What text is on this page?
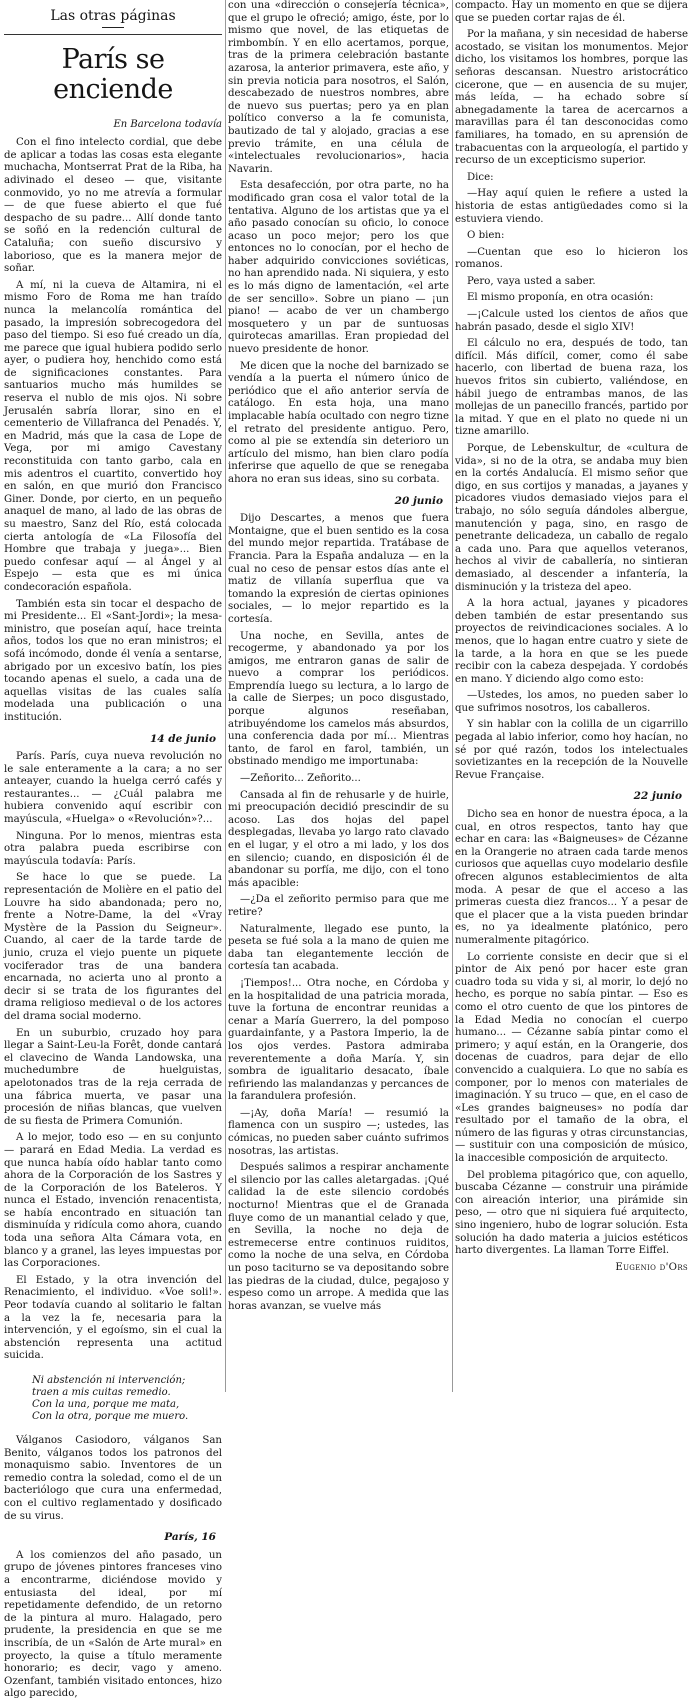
Las otras páginas
París se enciende
En Barcelona todavía

Con el fino intelecto cordial, que debe de aplicar a todas las cosas esta elegante muchacha, Montserrat Prat de la Riba, ha adivinado el deseo — que, visitante conmovido, yo no me atrevía a formular — de que fuese abierto el que fué despacho de su padre... Allí donde tanto se soñó en la redención cultural de Cataluña; con sueño discursivo y laborioso, que es la manera mejor de soñar.

A mí, ni la cueva de Altamira, ni el mismo Foro de Roma me han traído nunca la melancolía romántica del pasado, la impresión sobrecogedora del paso del tiempo. Si eso fué creado un día, me parece que igual hubiera podido serlo ayer, o pudiera hoy, henchido como está de significaciones constantes. Para santuarios mucho más humildes se reserva el nublo de mis ojos. Ni sobre Jerusalén sabría llorar, sino en el cementerio de Villafranca del Penadés. Y, en Madrid, más que la casa de Lope de Vega, por mi amigo Cavestany reconstituida con tanto garbo, cala en mis adentros el cuartito, convertido hoy en salón, en que murió don Francisco Giner. Donde, por cierto, en un pequeño anaquel de mano, al lado de las obras de su maestro, Sanz del Río, está colocada cierta antología de «La Filosofía del Hombre que trabaja y juega»... Bien puedo confesar aquí — al Ángel y al Espejo — esta que es mi única condecoración española.

También esta sin tocar el despacho de mi Presidente... El «Sant-Jordi»; la mesa-ministro, que poseían aquí, hace treinta años, todos los que no eran ministros; el sofá incómodo, donde él venía a sentarse, abrigado por un excesivo batín, los pies tocando apenas el suelo, a cada una de aquellas visitas de las cuales salía modelada una publicación o una institución.

14 de junio

París. París, cuya nueva revolución no le sale enteramente a la cara; a no ser anteayer, cuando la huelga cerró cafés y restaurantes... — ¿Cuál palabra me hubiera convenido aquí escribir con mayúscula, «Huelga» o «Revolución»?...

Ninguna. Por lo menos, mientras esta otra palabra pueda escribirse con mayúscula todavía: París.

Se hace lo que se puede. La representación de Molière en el patio del Louvre ha sido abandonada; pero no, frente a Notre-Dame, la del «Vray Mystère de la Passion du Seigneur». Cuando, al caer de la tarde tarde de junio, cruza el viejo puente un piquete vociferador tras de una bandera encarnada, no acierta uno al pronto a decir si se trata de los figurantes del drama religioso medieval o de los actores del drama social moderno.

En un suburbio, cruzado hoy para llegar a Saint-Leu-la Forêt, donde cantará el clavecino de Wanda Landowska, una muchedumbre de huelguistas, apelotonados tras de la reja cerrada de una fábrica muerta, ve pasar una procesión de niñas blancas, que vuelven de su fiesta de Primera Comunión.

A lo mejor, todo eso — en su conjunto — parará en Edad Media. La verdad es que nunca había oído hablar tanto como ahora de la Corporación de los Sastres y de la Corporación de los Bateleros. Y nunca el Estado, invención renacentista, se había encontrado en situación tan disminuída y ridícula como ahora, cuando toda una señora Alta Cámara vota, en blanco y a granel, las leyes impuestas por las Corporaciones.

El Estado, y la otra invención del Renacimiento, el individuo. «Voe soli!». Peor todavía cuando al solitario le faltan a la vez la fe, necesaria para la intervención, y el egoísmo, sin el cual la abstención representa una actitud suicida.

Ni abstención ni intervención;
traen a mis cuitas remedio.
Con la una, porque me mata,
Con la otra, porque me muero.

Válganos Casiodoro, válganos San Benito, válganos todos los patronos del monaquismo sabio. Inventores de un remedio contra la soledad, como el de un bacteriólogo que cura una enfermedad, con el cultivo reglamentado y dosificado de su virus.

París, 16

A los comienzos del año pasado, un grupo de jóvenes pintores franceses vino a encontrarme, diciéndose movido y entusiasta del ideal, por mí repetidamente defendido, de un retorno de la pintura al muro. Halagado, pero prudente, la presidencia en que se me inscribía, de un «Salón de Arte mural» en proyecto, la quise a título meramente honorario; es decir, vago y ameno. Ozenfant, también visitado entonces, hizo algo parecido,

con una «dirección o consejería técnica», que el grupo le ofreció; amigo, éste, por lo mismo que novel, de las etiquetas de rimbombín. Y en ello acertamos, porque, tras de la primera celebración bastante azarosa, la anterior primavera, este año, y sin previa noticia para nosotros, el Salón, descabezado de nuestros nombres, abre de nuevo sus puertas; pero ya en plan político converso a la fe comunista, bautizado de tal y alojado, gracias a ese previo trámite, en una célula de «intelectuales revolucionarios», hacia Navarin.

Esta desafección, por otra parte, no ha modificado gran cosa el valor total de la tentativa. Alguno de los artistas que ya el año pasado conocían su oficio, lo conoce acaso un poco mejor; pero los que entonces no lo conocían, por el hecho de haber adquirido convicciones soviéticas, no han aprendido nada. Ni siquiera, y esto es lo más digno de lamentación, «el arte de ser sencillo». Sobre un piano — ¡un piano! — acabo de ver un chambergo mosquetero y un par de suntuosas quirotecas amarillas. Eran propiedad del nuevo presidente de honor.

Me dicen que la noche del barnizado se vendía a la puerta el número único de periódico que el año anterior servía de catálogo. En esta hoja, una mano implacable había ocultado con negro tizne el retrato del presidente antiguo. Pero, como al pie se extendía sin deterioro un artículo del mismo, han bien claro podía inferirse que aquello de que se renegaba ahora no eran sus ideas, sino su corbata.

20 junio

Dijo Descartes, a menos que fuera Montaigne, que el buen sentido es la cosa del mundo mejor repartida. Tratábase de Francia. Para la España andaluza — en la cual no ceso de pensar estos días ante el matiz de villanía superflua que va tomando la expresión de ciertas opiniones sociales, — lo mejor repartido es la cortesía.

Una noche, en Sevilla, antes de recogerme, y abandonado ya por los amigos, me entraron ganas de salir de nuevo a comprar los periódicos. Emprendía luego su lectura, a lo largo de la calle de Sierpes; un poco disgustado, porque algunos reseñaban, atribuyéndome los camelos más absurdos, una conferencia dada por mí... Mientras tanto, de farol en farol, también, un obstinado mendigo me importunaba:

—Zeñorito... Zeñorito...

Cansada al fin de rehusarle y de huirle, mi preocupación decidió prescindir de su acoso. Las dos hojas del papel desplegadas, llevaba yo largo rato clavado en el lugar, y el otro a mi lado, y los dos en silencio; cuando, en disposición él de abandonar su porfía, me dijo, con el tono más apacible:

—¿Da el zeñorito permiso para que me retire?

Naturalmente, llegado ese punto, la peseta se fué sola a la mano de quien me daba tan elegantemente lección de cortesía tan acabada.

¡Tiempos!... Otra noche, en Córdoba y en la hospitalidad de una patricia morada, tuve la fortuna de encontrar reunidas a cenar a María Guerrero, la del pomposo guardainfante, y a Pastora Imperio, la de los ojos verdes. Pastora admiraba reverentemente a doña María. Y, sin sombra de igualitario desacato, íbale refiriendo las malandanzas y percances de la farandulera profesión.

—¡Ay, doña María! — resumió la flamenca con un suspiro —; ustedes, las cómicas, no pueden saber cuánto sufrimos nosotras, las artistas.

Después salimos a respirar anchamente el silencio por las calles aletargadas. ¡Qué calidad la de este silencio cordobés nocturno! Mientras que el de Granada fluye como de un manantial celado y que, en Sevilla, la noche no deja de estremecerse entre continuos ruiditos, como la noche de una selva, en Córdoba un poso taciturno se va depositando sobre las piedras de la ciudad, dulce, pegajoso y espeso como un arrope. A medida que las horas avanzan, se vuelve más

compacto. Hay un momento en que se dijera que se pueden cortar rajas de él.

Por la mañana, y sin necesidad de haberse acostado, se visitan los monumentos. Mejor dicho, los visitamos los hombres, porque las señoras descansan. Nuestro aristocrático cicerone, que — en ausencia de su mujer, más leída, — ha echado sobre sí abnegadamente la tarea de acercarnos a maravillas para él tan desconocidas como familiares, ha tomado, en su aprensión de trabacuentas con la arqueología, el partido y recurso de un excepticismo superior.

Dice:

—Hay aquí quien le refiere a usted la historia de estas antigüedades como si la estuviera viendo.

O bien:

—Cuentan que eso lo hicieron los romanos.

Pero, vaya usted a saber.

El mismo proponía, en otra ocasión:

—¡Calcule usted los cientos de años que habrán pasado, desde el siglo XIV!

El cálculo no era, después de todo, tan difícil. Más difícil, comer, como él sabe hacerlo, con libertad de buena raza, los huevos fritos sin cubierto, valiéndose, en hábil juego de entrambas manos, de las mollejas de un panecillo francés, partido por la mitad. Y que en el plato no quede ni un tizne amarillo.

Porque, de Lebenskultur, de «cultura de vida», si no de la otra, se andaba muy bien en la cortés Andalucía. El mismo señor que digo, en sus cortijos y manadas, a jayanes y picadores viudos demasiado viejos para el trabajo, no sólo seguía dándoles albergue, manutención y paga, sino, en rasgo de penetrante delicadeza, un caballo de regalo a cada uno. Para que aquellos veteranos, hechos al vivir de caballería, no sintieran demasiado, al descender a infantería, la disminución y la tristeza del apeo.

A la hora actual, jayanes y picadores deben también de estar presentando sus proyectos de reivindicaciones sociales. A lo menos, que lo hagan entre cuatro y siete de la tarde, a la hora en que se les puede recibir con la cabeza despejada. Y cordobés en mano. Y diciendo algo como esto:

—Ustedes, los amos, no pueden saber lo que sufrimos nosotros, los caballeros.

Y sin hablar con la colilla de un cigarrillo pegada al labio inferior, como hoy hacían, no sé por qué razón, todos los intelectuales sovietizantes en la recepción de la Nouvelle Revue Française.

22 junio

Dicho sea en honor de nuestra época, a la cual, en otros respectos, tanto hay que echar en cara: las «Baigneuses» de Cézanne en la Orangerie no atraen cada tarde menos curiosos que aquellas cuyo modelario desfile ofrecen algunos establecimientos de alta moda. A pesar de que el acceso a las primeras cuesta diez francos... Y a pesar de que el placer que a la vista pueden brindar es, no ya idealmente platónico, pero numeralmente pitagórico.

Lo corriente consiste en decir que si el pintor de Aix penó por hacer este gran cuadro toda su vida y si, al morir, lo dejó no hecho, es porque no sabía pintar. — Eso es como el otro cuento de que los pintores de la Edad Media no conocían el cuerpo humano... — Cézanne sabía pintar como el primero; y aquí están, en la Orangerie, dos docenas de cuadros, para dejar de ello convencido a cualquiera. Lo que no sabía es componer, por lo menos con materiales de imaginación. Y su truco — que, en el caso de «Les grandes baigneuses» no podía dar resultado por el tamaño de la obra, el número de las figuras y otras circunstancias, — sustituir con una composición de músico, la inaccesible composición de arquitecto.

Del problema pitagórico que, con aquello, buscaba Cézanne — construir una pirámide con aireación interior, una pirámide sin peso, — otro que ni siquiera fué arquitecto, sino ingeniero, hubo de lograr solución. Esta solución ha dado materia a juicios estéticos harto divergentes. La llaman Torre Eiffel.

Eugenio d'Ors
